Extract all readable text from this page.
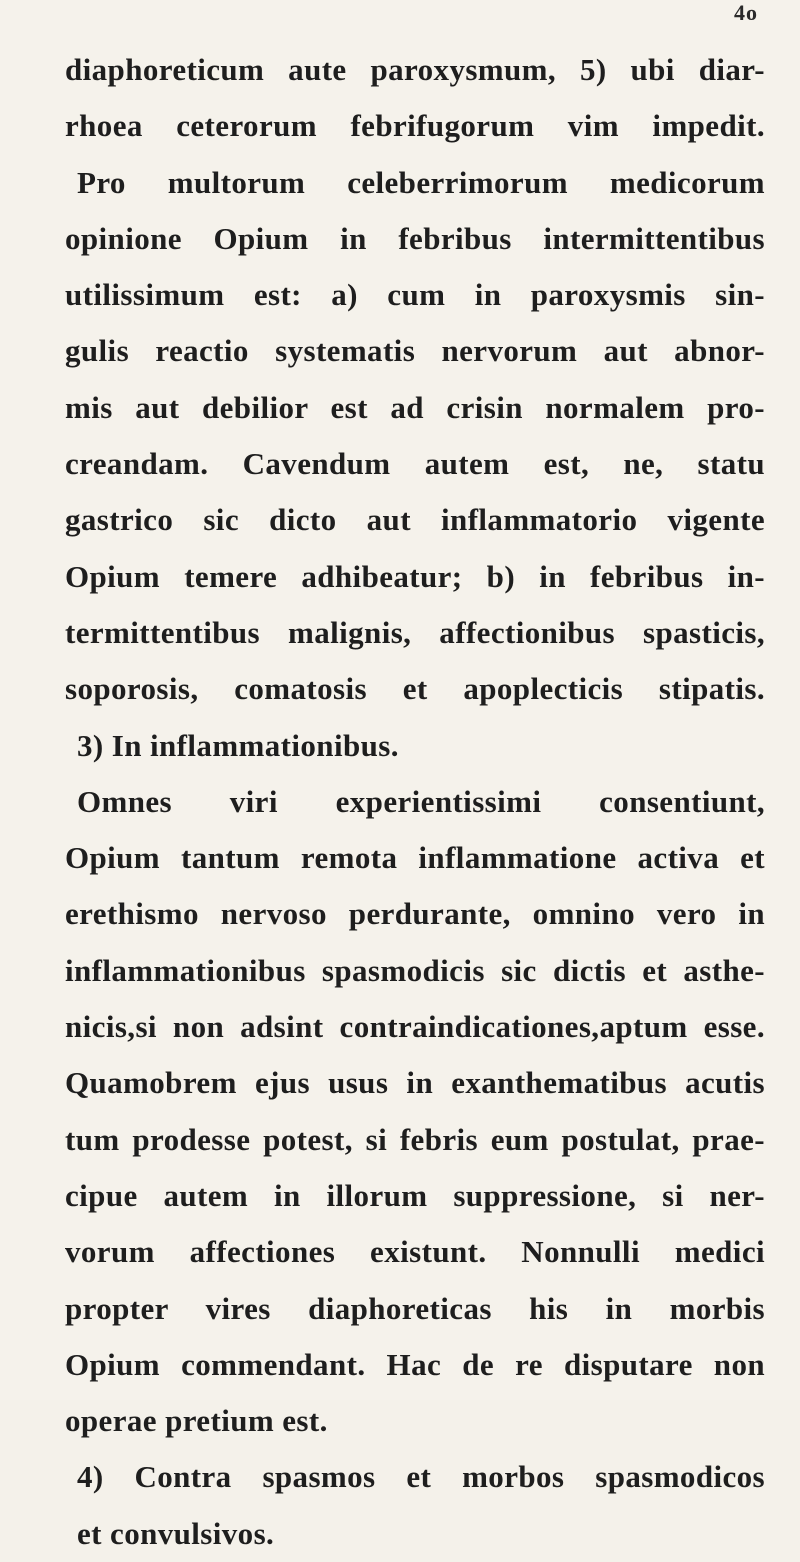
4o
diaphoreticum aute paroxysmum, 5) ubi diar-
rhoea ceterorum febrifugorum vim impedit.
Pro multorum celeberrimorum medicorum
opinione Opium in febribus intermittentibus
utilissimum est: a) cum in paroxysmis sin-
gulis reactio systematis nervorum aut abnor-
mis aut debilior est ad crisin normalem pro-
creandam. Cavendum autem est, ne, statu
gastrico sic dicto aut inflammatorio vigente
Opium temere adhibeatur; b) in febribus in-
termittentibus malignis, affectionibus spasticis,
soporosis, comatosis et apoplecticis stipatis.
3) In inflammationibus.
Omnes viri experientissimi consentiunt,
Opium tantum remota inflammatione activa et
erethismo nervoso perdurante, omnino vero in
inflammationibus spasmodicis sic dictis et asthe-
nicis,si non adsint contraindicationes,aptum esse.
Quamobrem ejus usus in exanthematibus acutis
tum prodesse potest, si febris eum postulat, prae-
cipue autem in illorum suppressione, si ner-
vorum affectiones existunt. Nonnulli medici
propter vires diaphoreticas his in morbis
Opium commendant. Hac de re disputare non
operae pretium est.
4) Contra spasmos et morbos spasmodicos
et convulsivos.
